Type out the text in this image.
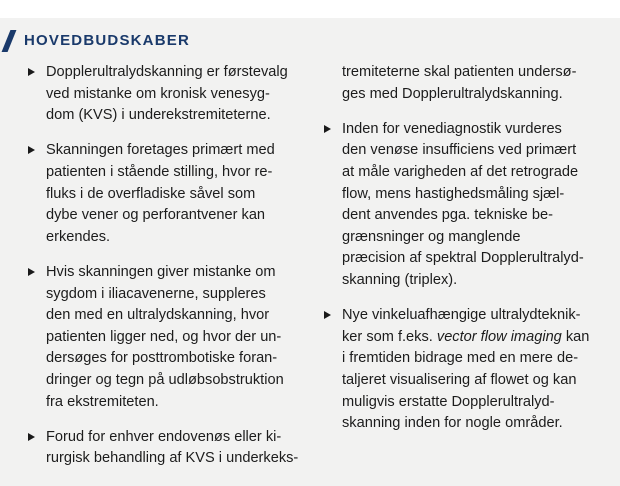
HOVEDBUDSKABER
Dopplerultralydskanning er førstevalg
ved mistanke om kronisk venesyg-
dom (KVS) i underekstremiteterne.
Skanningen foretages primært med
patienten i stående stilling, hvor re-
fluks i de overfladiske såvel som
dybe vener og perforantvener kan
erkendes.
Hvis skanningen giver mistanke om
sygdom i iliacavenerne, suppleres
den med en ultralydskanning, hvor
patienten ligger ned, og hvor der un-
dersøges for posttrombotiske foran-
dringer og tegn på udløbsobstruktion
fra ekstremiteten.
Forud for enhver endovenøs eller ki-
rurgisk behandling af KVS i underkeks-
tremiteterne skal patienten undersø-
ges med Dopplerultralydskanning.
Inden for venediagnostik vurderes
den venøse insufficiens ved primært
at måle varigheden af det retrograde
flow, mens hastighedsmåling sjæl-
dent anvendes pga. tekniske be-
grænsninger og manglende
præcision af spektral Dopplerultralyd-
skanning (triplex).
Nye vinkeluafhængige ultralydteknik-
ker som f.eks. vector flow imaging kan
i fremtiden bidrage med en mere de-
taljeret visualisering af flowet og kan
muligvis erstatte Dopplerultralyd-
skanning inden for nogle områder.
